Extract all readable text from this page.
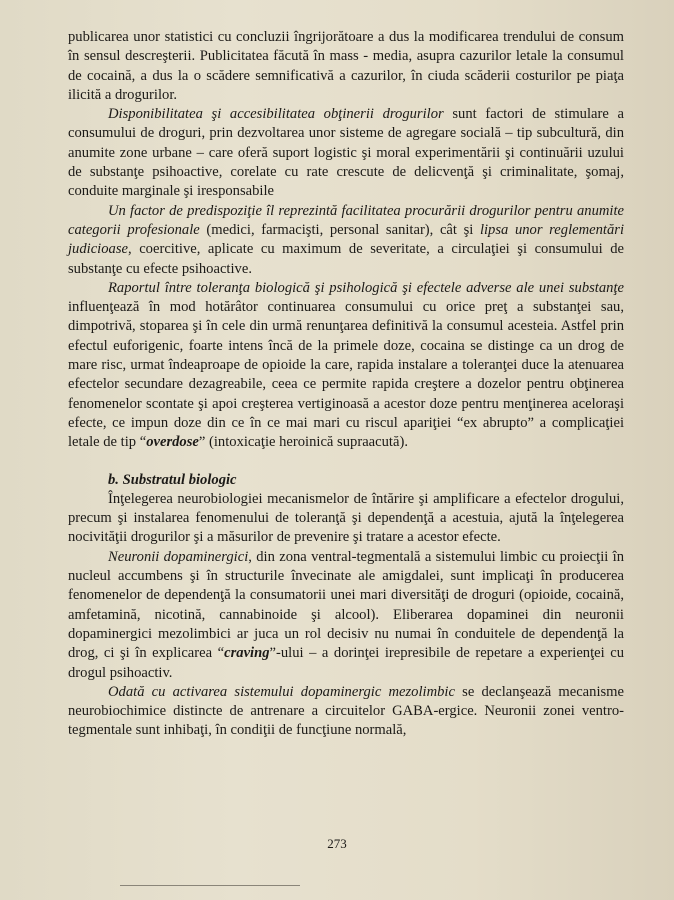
publicarea unor statistici cu concluzii îngrijorătoare a dus la modificarea trendului de consum în sensul descreşterii. Publicitatea făcută în mass - media, asupra cazurilor letale la consumul de cocaină, a dus la o scădere semnificativă a cazurilor, în ciuda scăderii costurilor pe piaţa ilicită a drogurilor.

Disponibilitatea şi accesibilitatea obţinerii drogurilor sunt factori de stimulare a consumului de droguri, prin dezvoltarea unor sisteme de agregare socială – tip subcultură, din anumite zone urbane – care oferă suport logistic şi moral experimentării şi continuării uzului de substanţe psihoactive, corelate cu rate crescute de delicvenţă şi criminalitate, şomaj, conduite marginale şi iresponsabile

Un factor de predispoziţie îl reprezintă facilitatea procurării drogurilor pentru anumite categorii profesionale (medici, farmacişti, personal sanitar), cât şi lipsa unor reglementări judicioase, coercitive, aplicate cu maximum de severitate, a circulaţiei şi consumului de substanţe cu efecte psihoactive.

Raportul între toleranţa biologică şi psihologică şi efectele adverse ale unei substanţe influenţează în mod hotărâtor continuarea consumului cu orice preţ a substanţei sau, dimpotrivă, stoparea şi în cele din urmă renunţarea definitivă la consumul acesteia. Astfel prin efectul euforigenic, foarte intens încă de la primele doze, cocaina se distinge ca un drog de mare risc, urmat îndeaproape de opioide la care, rapida instalare a toleranţei duce la atenuarea efectelor secundare dezagreabile, ceea ce permite rapida creştere a dozelor pentru obţinerea fenomenelor scontate şi apoi creşterea vertiginoasă a acestor doze pentru menţinerea aceloraşi efecte, ce impun doze din ce în ce mai mari cu riscul apariţiei “ex abrupto” a complicaţiei letale de tip “overdose” (intoxicaţie heroinică supraacută).

b. Substratul biologic

Înţelegerea neurobiologiei mecanismelor de întărire şi amplificare a efectelor drogului, precum şi instalarea fenomenului de toleranţă şi dependenţă a acestuia, ajută la înţelegerea nocivităţii drogurilor şi a măsurilor de prevenire şi tratare a acestor efecte.

Neuronii dopaminergici, din zona ventral-tegmentală a sistemului limbic cu proiecţii în nucleul accumbens şi în structurile învecinate ale amigdalei, sunt implicaţi în producerea fenomenelor de dependenţă la consumatorii unei mari diversităţi de droguri (opioide, cocaină, amfetamină, nicotină, cannabinoide şi alcool). Eliberarea dopaminei din neuronii dopaminergici mezolimbici ar juca un rol decisiv nu numai în conduitele de dependenţă la drog, ci şi în explicarea “craving”-ului – a dorinţei irepresibile de repetare a experienţei cu drogul psihoactiv.

Odată cu activarea sistemului dopaminergic mezolimbic se declanşează mecanisme neurobiochimice distincte de antrenare a circuitelor GABA-ergice. Neuronii zonei ventro-tegmentale sunt inhibaţi, în condiţii de funcţiune normală,

273
